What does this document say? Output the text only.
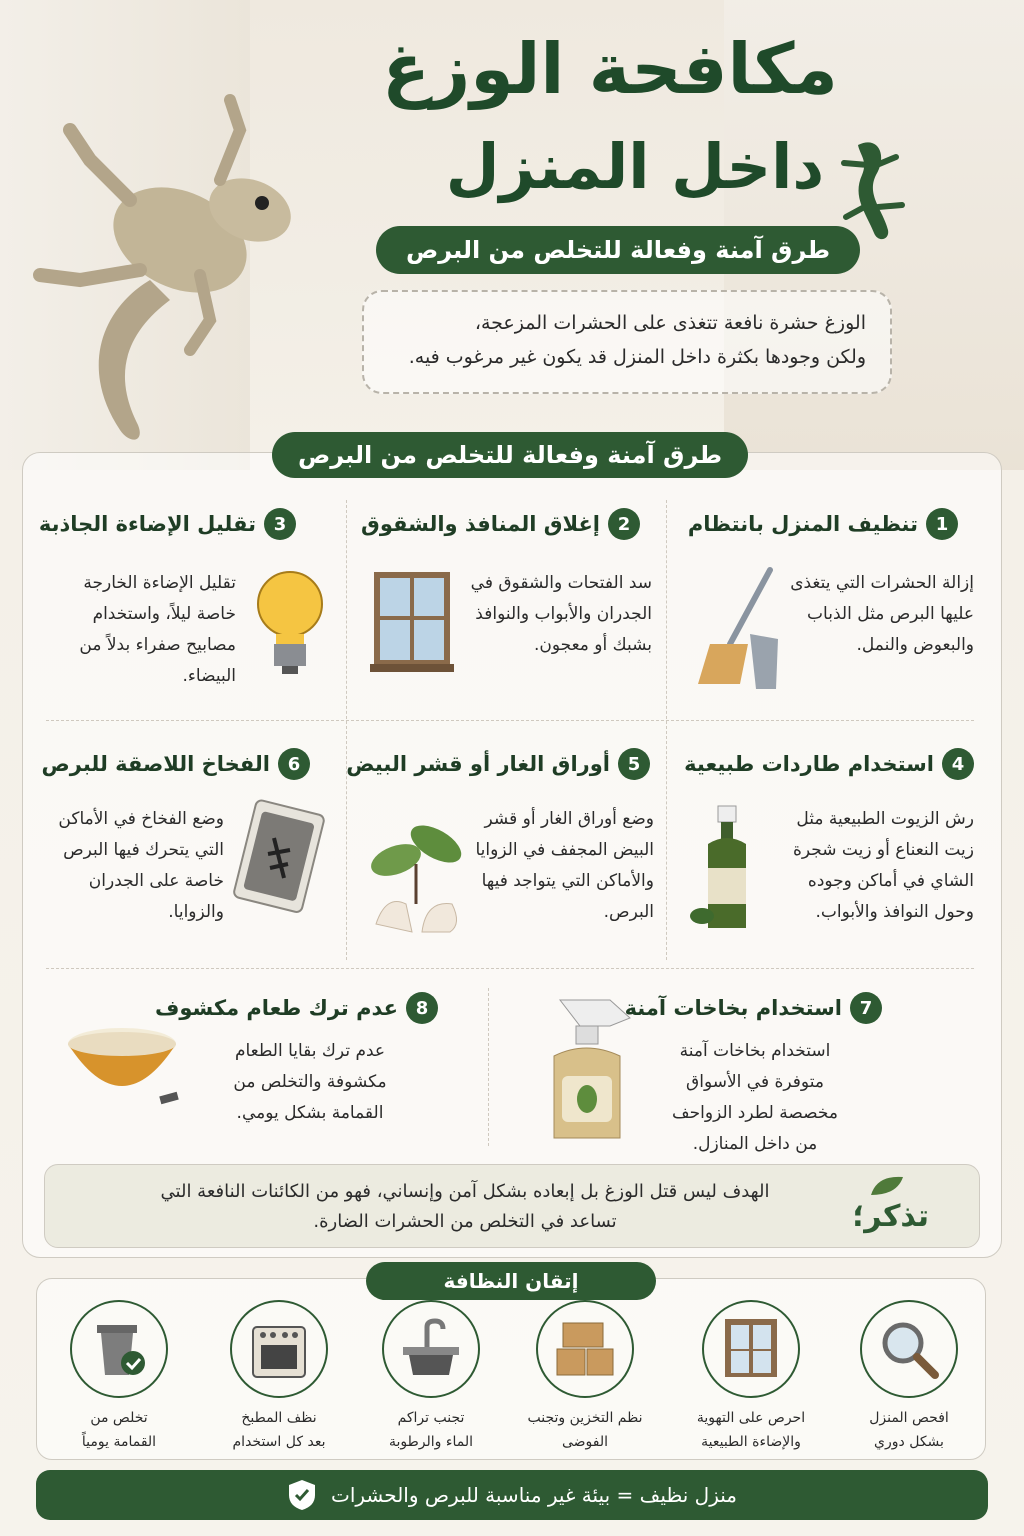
مكافحة الوزغ
داخل المنزل
طرق آمنة وفعالة للتخلص من البرص
الوزغ حشرة نافعة تتغذى على الحشرات المزعجة،
ولكن وجودها بكثرة داخل المنزل قد يكون غير مرغوب فيه.
طرق آمنة وفعالة للتخلص من البرص
1
تنظيف المنزل بانتظام
إزالة الحشرات التي يتغذى عليها البرص مثل الذباب والبعوض والنمل.
2
إغلاق المنافذ والشقوق
سد الفتحات والشقوق في الجدران والأبواب والنوافذ بشبك أو معجون.
3
تقليل الإضاءة الجاذبة
تقليل الإضاءة الخارجة خاصة ليلاً، واستخدام مصابيح صفراء بدلاً من البيضاء.
4
استخدام طاردات طبيعية
رش الزيوت الطبيعية مثل زيت النعناع أو زيت شجرة الشاي في أماكن وجوده وحول النوافذ والأبواب.
5
أوراق الغار أو قشر البيض
وضع أوراق الغار أو قشر البيض المجفف في الزوايا والأماكن التي يتواجد فيها البرص.
6
الفخاخ اللاصقة للبرص
وضع الفخاخ في الأماكن التي يتحرك فيها البرص خاصة على الجدران والزوايا.
7
استخدام بخاخات آمنة
استخدام بخاخات آمنة متوفرة في الأسواق مخصصة لطرد الزواحف من داخل المنازل.
8
عدم ترك طعام مكشوف
عدم ترك بقايا الطعام مكشوفة والتخلص من القمامة بشكل يومي.
الهدف ليس قتل الوزغ بل إبعاده بشكل آمن وإنساني، فهو من الكائنات النافعة التي
تساعد في التخلص من الحشرات الضارة.	تذكر؛
إتقان النظافة
افحص المنزل
بشكل دوري
احرص على التهوية
والإضاءة الطبيعية
نظم التخزين وتجنب
الفوضى
تجنب تراكم
الماء والرطوبة
نظف المطبخ
بعد كل استخدام
تخلص من
القمامة يومياً
منزل نظيف = بيئة غير مناسبة للبرص والحشرات
